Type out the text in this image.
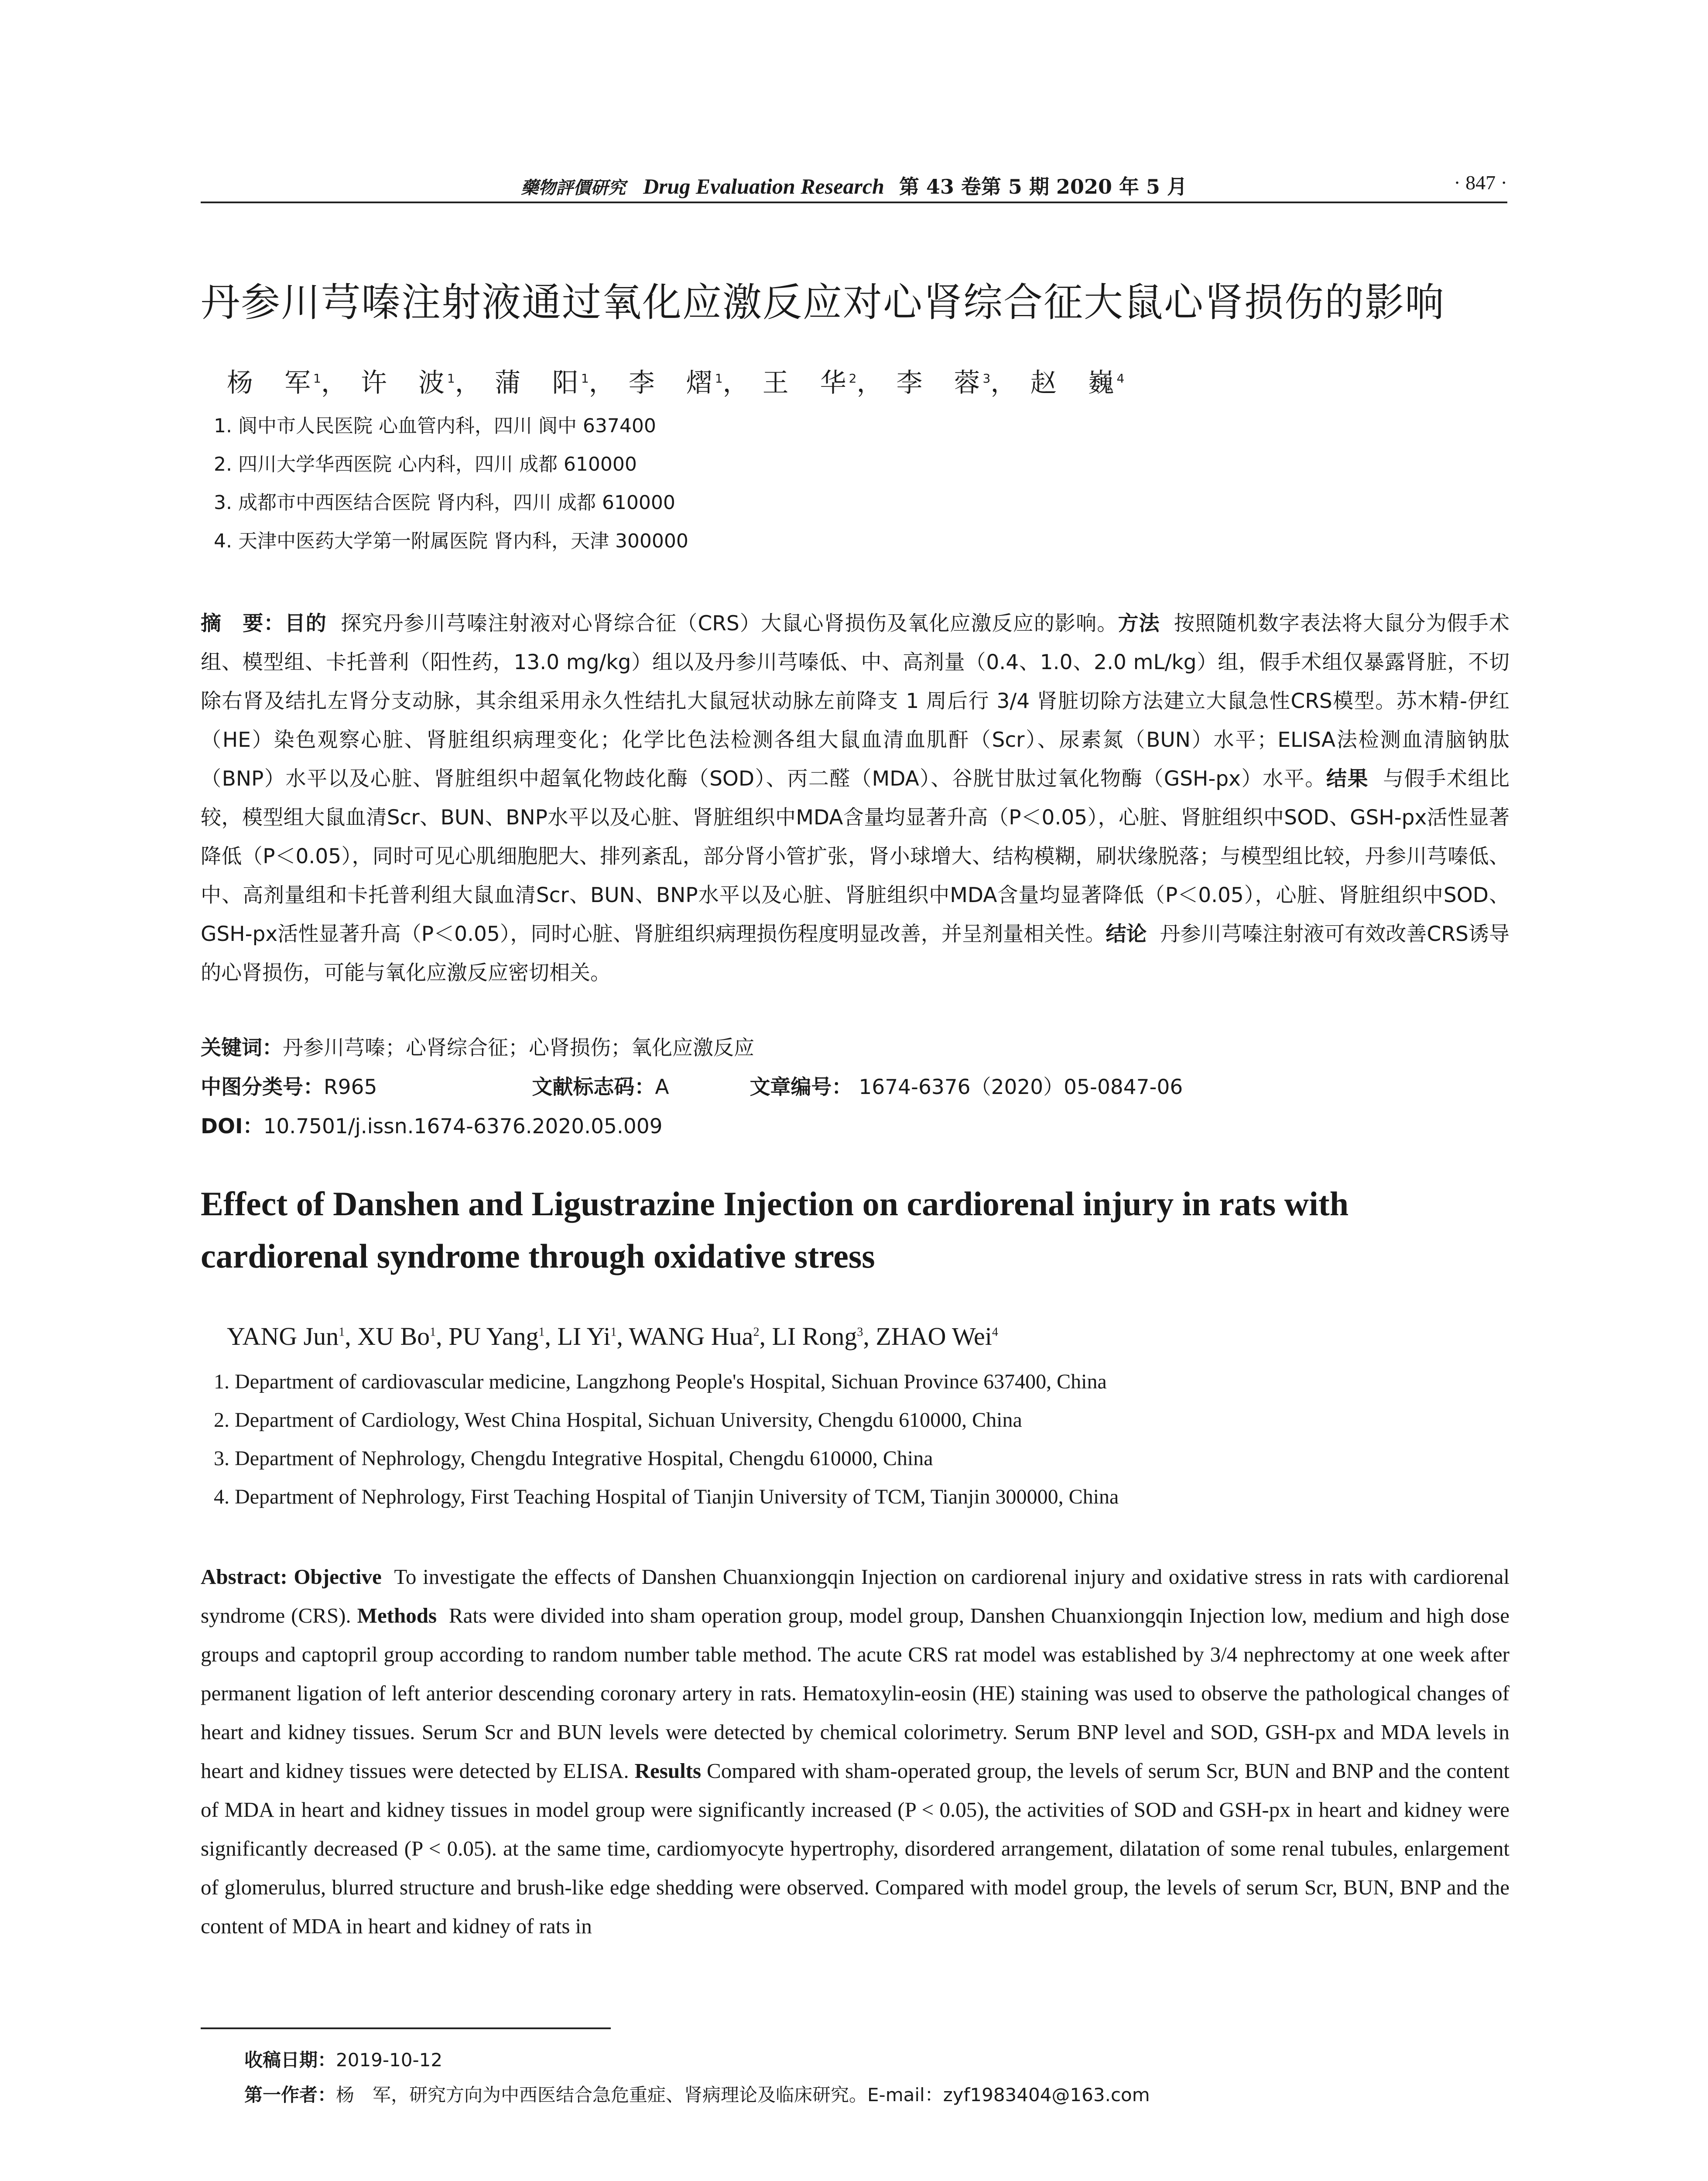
藥物評價研究 Drug Evaluation Research 第 43 卷第 5 期 2020 年 5 月	· 847 ·
丹参川芎嗪注射液通过氧化应激反应对心肾综合征大鼠心肾损伤的影响
杨　军$^1$， 许　波$^1$， 蒲　阳$^1$， 李　熠$^1$， 王　华$^2$， 李　蓉$^3$， 赵　巍$^4$
1. 阆中市人民医院 心血管内科，四川 阆中 637400
2. 四川大学华西医院 心内科，四川 成都 610000
3. 成都市中西医结合医院 肾内科，四川 成都 610000
4. 天津中医药大学第一附属医院 肾内科，天津 300000
摘　要：目的 探究丹参川芎嗪注射液对心肾综合征（CRS）大鼠心肾损伤及氧化应激反应的影响。方法 按照随机数字表法将大鼠分为假手术组、模型组、卡托普利（阳性药，13.0 mg/kg）组以及丹参川芎嗪低、中、高剂量（0.4、1.0、2.0 mL/kg）组，假手术组仅暴露肾脏，不切除右肾及结扎左肾分支动脉，其余组采用永久性结扎大鼠冠状动脉左前降支 1 周后行 3/4 肾脏切除方法建立大鼠急性CRS模型。苏木精-伊红（HE）染色观察心脏、肾脏组织病理变化；化学比色法检测各组大鼠血清血肌酐（Scr）、尿素氮（BUN）水平；ELISA法检测血清脑钠肽（BNP）水平以及心脏、肾脏组织中超氧化物歧化酶（SOD）、丙二醛（MDA）、谷胱甘肽过氧化物酶（GSH-px）水平。结果 与假手术组比较，模型组大鼠血清Scr、BUN、BNP水平以及心脏、肾脏组织中MDA含量均显著升高（P＜0.05），心脏、肾脏组织中SOD、GSH-px活性显著降低（P＜0.05），同时可见心肌细胞肥大、排列紊乱，部分肾小管扩张，肾小球增大、结构模糊，刷状缘脱落；与模型组比较，丹参川芎嗪低、中、高剂量组和卡托普利组大鼠血清Scr、BUN、BNP水平以及心脏、肾脏组织中MDA含量均显著降低（P＜0.05），心脏、肾脏组织中SOD、GSH-px活性显著升高（P＜0.05），同时心脏、肾脏组织病理损伤程度明显改善，并呈剂量相关性。结论 丹参川芎嗪注射液可有效改善CRS诱导的心肾损伤，可能与氧化应激反应密切相关。
关键词：丹参川芎嗪；心肾综合征；心肾损伤；氧化应激反应
中图分类号：R965	文献标志码：A	文章编号： 1674-6376（2020）05-0847-06
DOI：10.7501/j.issn.1674-6376.2020.05.009
Effect of Danshen and Ligustrazine Injection on cardiorenal injury in rats with
cardiorenal syndrome through oxidative stress
YANG Jun$^1$, XU Bo$^1$, PU Yang$^1$, LI Yi$^1$, WANG Hua$^2$, LI Rong$^3$, ZHAO Wei$^4$
1. Department of cardiovascular medicine, Langzhong People's Hospital, Sichuan Province 637400, China
2. Department of Cardiology, West China Hospital, Sichuan University, Chengdu 610000, China
3. Department of Nephrology, Chengdu Integrative Hospital, Chengdu 610000, China
4. Department of Nephrology, First Teaching Hospital of Tianjin University of TCM, Tianjin 300000, China
Abstract: Objective To investigate the effects of Danshen Chuanxiongqin Injection on cardiorenal injury and oxidative stress in rats with cardiorenal syndrome (CRS). Methods Rats were divided into sham operation group, model group, Danshen Chuanxiongqin Injection low, medium and high dose groups and captopril group according to random number table method. The acute CRS rat model was established by 3/4 nephrectomy at one week after permanent ligation of left anterior descending coronary artery in rats. Hematoxylin-eosin (HE) staining was used to observe the pathological changes of heart and kidney tissues. Serum Scr and BUN levels were detected by chemical colorimetry. Serum BNP level and SOD, GSH-px and MDA levels in heart and kidney tissues were detected by ELISA. Results Compared with sham-operated group, the levels of serum Scr, BUN and BNP and the content of MDA in heart and kidney tissues in model group were significantly increased (P < 0.05), the activities of SOD and GSH-px in heart and kidney were significantly decreased (P < 0.05). at the same time, cardiomyocyte hypertrophy, disordered arrangement, dilatation of some renal tubules, enlargement of glomerulus, blurred structure and brush-like edge shedding were observed. Compared with model group, the levels of serum Scr, BUN, BNP and the content of MDA in heart and kidney of rats in
收稿日期：2019-10-12
第一作者：杨　军，研究方向为中西医结合急危重症、肾病理论及临床研究。E-mail：zyf1983404@163.com
